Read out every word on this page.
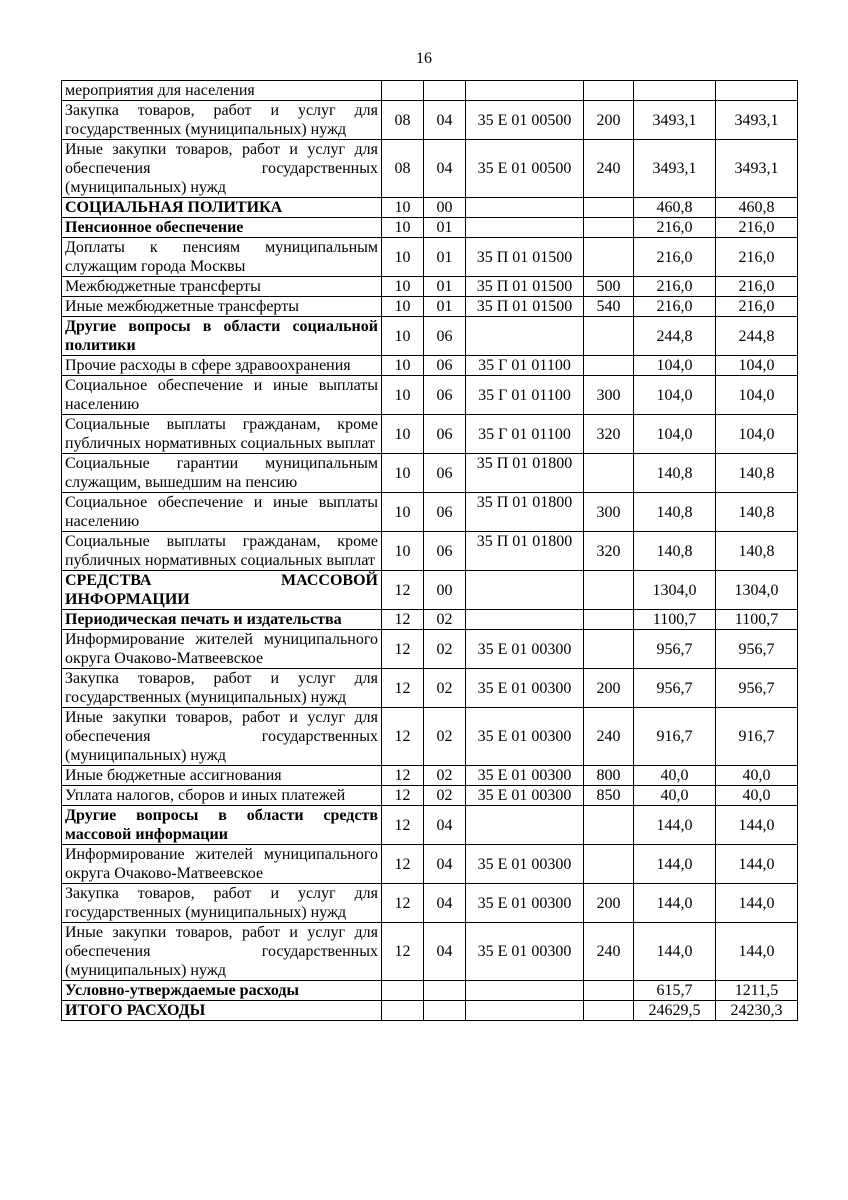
16
мероприятия для населения						
Закупка товаров, работ и услуг для государственных (муниципальных) нужд	08	04	35 Е 01 00500	200	3493,1	3493,1
Иные закупки товаров, работ и услуг для обеспечения государственных (муниципальных) нужд	08	04	35 Е 01 00500	240	3493,1	3493,1
СОЦИАЛЬНАЯ ПОЛИТИКА	10	00			460,8	460,8
Пенсионное обеспечение	10	01			216,0	216,0
Доплаты к пенсиям муниципальным служащим города Москвы	10	01	35 П 01 01500		216,0	216,0
Межбюджетные трансферты	10	01	35 П 01 01500	500	216,0	216,0
Иные межбюджетные трансферты	10	01	35 П 01 01500	540	216,0	216,0
Другие вопросы в области социальной политики	10	06			244,8	244,8
Прочие расходы в сфере здравоохранения	10	06	35 Г 01 01100		104,0	104,0
Социальное обеспечение и иные выплаты населению	10	06	35 Г 01 01100	300	104,0	104,0
Социальные выплаты гражданам, кроме публичных нормативных социальных выплат	10	06	35 Г 01 01100	320	104,0	104,0
Социальные гарантии муниципальным служащим, вышедшим на пенсию	10	06	35 П 01 01800		140,8	140,8
Социальное обеспечение и иные выплаты населению	10	06	35 П 01 01800	300	140,8	140,8
Социальные выплаты гражданам, кроме публичных нормативных социальных выплат	10	06	35 П 01 01800	320	140,8	140,8
СРЕДСТВА МАССОВОЙ ИНФОРМАЦИИ	12	00			1304,0	1304,0
Периодическая печать и издательства	12	02			1100,7	1100,7
Информирование жителей муниципального округа Очаково-Матвеевское	12	02	35 Е 01 00300		956,7	956,7
Закупка товаров, работ и услуг для государственных (муниципальных) нужд	12	02	35 Е 01 00300	200	956,7	956,7
Иные закупки товаров, работ и услуг для обеспечения государственных (муниципальных) нужд	12	02	35 Е 01 00300	240	916,7	916,7
Иные бюджетные ассигнования	12	02	35 Е 01 00300	800	40,0	40,0
Уплата налогов, сборов и иных платежей	12	02	35 Е 01 00300	850	40,0	40,0
Другие вопросы в области средств массовой информации	12	04			144,0	144,0
Информирование жителей муниципального округа Очаково-Матвеевское	12	04	35 Е 01 00300		144,0	144,0
Закупка товаров, работ и услуг для государственных (муниципальных) нужд	12	04	35 Е 01 00300	200	144,0	144,0
Иные закупки товаров, работ и услуг для обеспечения государственных (муниципальных) нужд	12	04	35 Е 01 00300	240	144,0	144,0
Условно-утверждаемые расходы					615,7	1211,5
ИТОГО РАСХОДЫ					24629,5	24230,3
